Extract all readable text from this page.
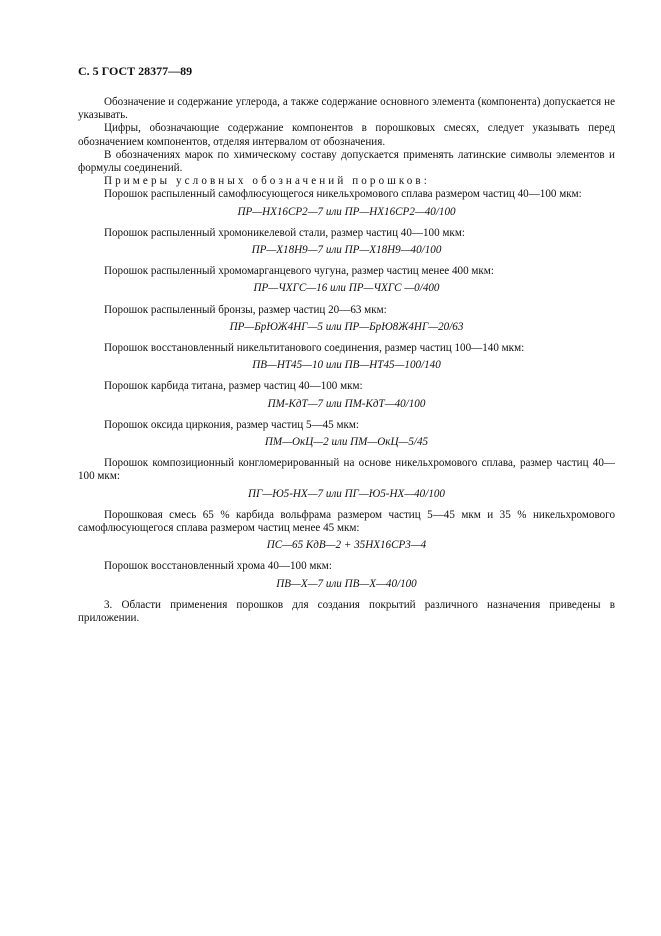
С. 5 ГОСТ 28377—89

Обозначение и содержание углерода, а также содержание основного элемента (компонента) допускается не указывать.

Цифры, обозначающие содержание компонентов в порошковых смесях, следует указывать перед обозначением компонентов, отделяя интервалом от обозначения.

В обозначениях марок по химическому составу допускается применять латинские символы элементов и формулы соединений.

Примеры условных обозначений порошков:

Порошок распыленный самофлюсующегося никельхромового сплава размером частиц 40—100 мкм:

ПР—НХ16СР2—7 или ПР—НХ16СР2—40/100

Порошок распыленный хромоникелевой стали, размер частиц 40—100 мкм:

ПР—Х18Н9—7 или ПР—Х18Н9—40/100

Порошок распыленный хромомарганцевого чугуна, размер частиц менее 400 мкм:

ПР—ЧХГС—16 или ПР—ЧХГС —0/400

Порошок распыленный бронзы, размер частиц 20—63 мкм:

ПР—БрЮЖ4НГ—5 или ПР—БрЮ8Ж4НГ—20/63

Порошок восстановленный никельтитанового соединения, размер частиц 100—140 мкм:

ПВ—НТ45—10 или ПВ—НТ45—100/140

Порошок карбида титана, размер частиц 40—100 мкм:

ПМ-КдТ—7 или ПМ-КдТ—40/100

Порошок оксида циркония, размер частиц 5—45 мкм:

ПМ—ОкЦ—2 или ПМ—ОкЦ—5/45

Порошок композиционный конгломерированный на основе никельхромового сплава, размер частиц 40—100 мкм:

ПГ—Ю5-НХ—7 или ПГ—Ю5-НХ—40/100

Порошковая смесь 65 % карбида вольфрама размером частиц 5—45 мкм и 35 % никельхромового самофлюсующегося сплава размером частиц менее 45 мкм:

ПС—65 КдВ—2 + 35НХ16СР3—4

Порошок восстановленный хрома 40—100 мкм:

ПВ—Х—7 или ПВ—Х—40/100

3. Области применения порошков для создания покрытий различного назначения приведены в приложении.
